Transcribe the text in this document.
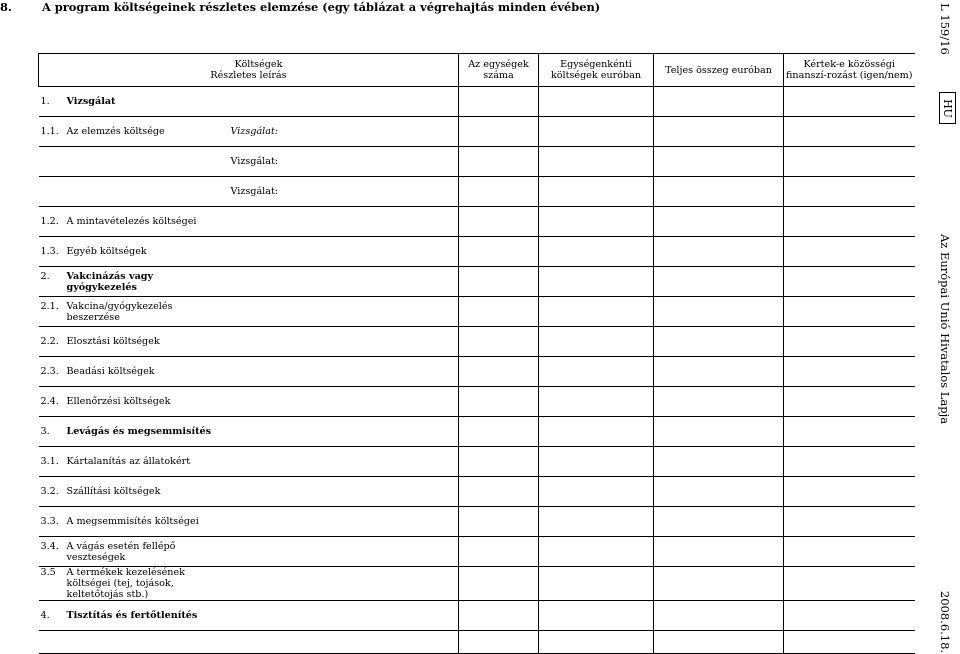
8.	A program költségeinek részletes elemzése (egy táblázat a végrehajtás minden évében)
KöltségekRészletes leírás		Az egységek száma	Egységenkénti költségek euróban	Teljes összeg euróban	Kértek-e közösségi finanszí-rozást (igen/nem)
1. Vizsgálat					
1.1. Az elemzés költsége	Vizsgálat:				
	Vizsgálat:				
	Vizsgálat:				
1.2. A mintavételezés költségei					
1.3. Egyéb költségek					
2. Vakcinázás vagy gyógykezelés					
2.1. Vakcina/gyógykezelés beszerzése					
2.2. Elosztási költségek					
2.3. Beadási költségek					
2.4. Ellenőrzési költségek					
3. Levágás és megsemmisítés					
3.1. Kártalanítás az állatokért					
3.2. Szállítási költségek					
3.3. A megsemmisítés költségei					
3.4. A vágás esetén fellépő veszteségek					
3.5 A termékek kezelésének költségei (tej, tojások, keltetőtojás stb.)					
4. Tisztítás és fertőtlenítés					

L 159/16
HU
Az Európai Unió Hivatalos Lapja
2008.6.18.
